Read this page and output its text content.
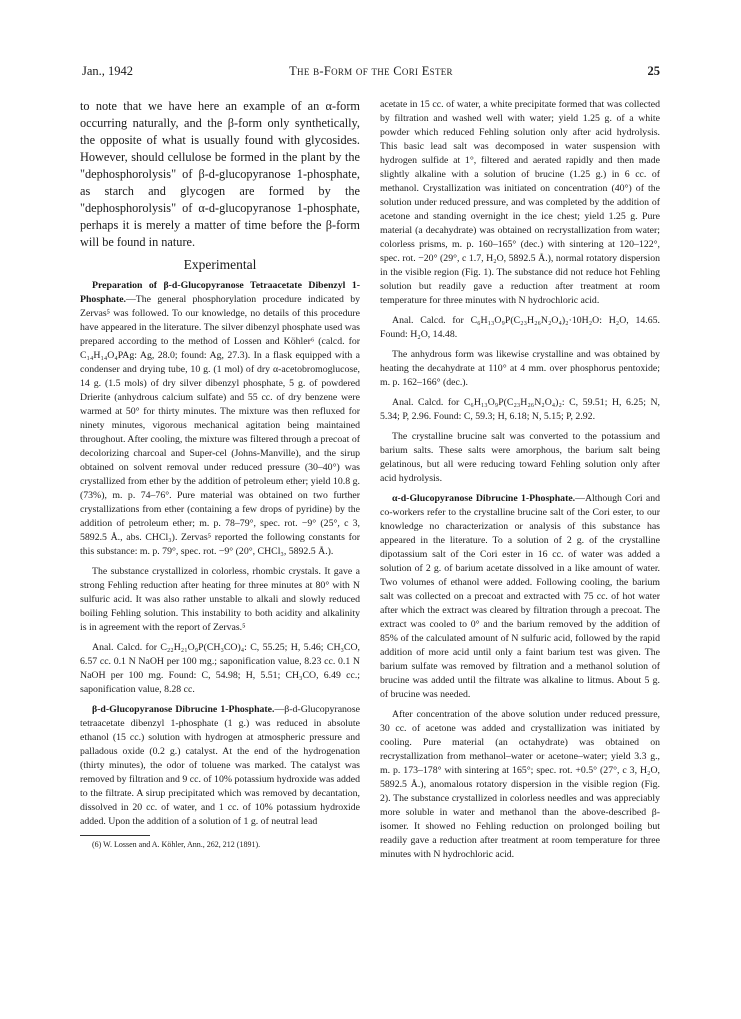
Jan., 1942	The β-Form of the Cori Ester	25

to note that we have here an example of an α-form occurring naturally, and the β-form only synthetically, the opposite of what is usually found with glycosides. However, should cellulose be formed in the plant by the "dephosphorolysis" of β-d-glucopyranose 1-phosphate, as starch and glycogen are formed by the "dephosphorolysis" of α-d-glucopyranose 1-phosphate, perhaps it is merely a matter of time before the β-form will be found in nature.

Experimental

Preparation of β-d-Glucopyranose Tetraacetate Dibenzyl 1-Phosphate.—The general phosphorylation procedure indicated by Zervas⁵ was followed. To our knowledge, no details of this procedure have appeared in the literature. The silver dibenzyl phosphate used was prepared according to the method of Lossen and Köhler⁶ (calcd. for C₁₄H₁₄O₄PAg: Ag, 28.0; found: Ag, 27.3). In a flask equipped with a condenser and drying tube, 10 g. (1 mol) of dry α-acetobromoglucose, 14 g. (1.5 mols) of dry silver dibenzyl phosphate, 5 g. of powdered Drierite (anhydrous calcium sulfate) and 55 cc. of dry benzene were warmed at 50° for thirty minutes. The mixture was then refluxed for ninety minutes, vigorous mechanical agitation being maintained throughout. After cooling, the mixture was filtered through a precoat of decolorizing charcoal and Super-cel (Johns-Manville), and the sirup obtained on solvent removal under reduced pressure (30–40°) was crystallized from ether by the addition of petroleum ether; yield 10.8 g. (73%), m. p. 74–76°. Pure material was obtained on two further crystallizations from ether (containing a few drops of pyridine) by the addition of petroleum ether; m. p. 78–79°, spec. rot. −9° (25°, c 3, 5892.5 Å., abs. CHCl₃). Zervas⁵ reported the following constants for this substance: m. p. 79°, spec. rot. −9° (20°, CHCl₃, 5892.5 Å.).

The substance crystallized in colorless, rhombic crystals. It gave a strong Fehling reduction after heating for three minutes at 80° with N sulfuric acid. It was also rather unstable to alkali and slowly reduced boiling Fehling solution. This instability to both acidity and alkalinity is in agreement with the report of Zervas.⁵

Anal. Calcd. for C₂₂H₂₁O₉P(CH₃CO)₄: C, 55.25; H, 5.46; CH₃CO, 6.57 cc. 0.1 N NaOH per 100 mg.; saponification value, 8.23 cc. 0.1 N NaOH per 100 mg. Found: C, 54.98; H, 5.51; CH₃CO, 6.49 cc.; saponification value, 8.28 cc.

β-d-Glucopyranose Dibrucine 1-Phosphate.—β-d-Glucopyranose tetraacetate dibenzyl 1-phosphate (1 g.) was reduced in absolute ethanol (15 cc.) solution with hydrogen at atmospheric pressure and palladous oxide (0.2 g.) catalyst. At the end of the hydrogenation (thirty minutes), the odor of toluene was marked. The catalyst was removed by filtration and 9 cc. of 10% potassium hydroxide was added to the filtrate. A sirup precipitated which was removed by decantation, dissolved in 20 cc. of water, and 1 cc. of 10% potassium hydroxide added. Upon the addition of a solution of 1 g. of neutral lead

(6) W. Lossen and A. Köhler, Ann., 262, 212 (1891).

acetate in 15 cc. of water, a white precipitate formed that was collected by filtration and washed well with water; yield 1.25 g. of a white powder which reduced Fehling solution only after acid hydrolysis. This basic lead salt was decomposed in water suspension with hydrogen sulfide at 1°, filtered and aerated rapidly and then made slightly alkaline with a solution of brucine (1.25 g.) in 6 cc. of methanol. Crystallization was initiated on concentration (40°) of the solution under reduced pressure, and was completed by the addition of acetone and standing overnight in the ice chest; yield 1.25 g. Pure material (a decahydrate) was obtained on recrystallization from water; colorless prisms, m. p. 160–165° (dec.) with sintering at 120–122°, spec. rot. −20° (29°, c 1.7, H₂O, 5892.5 Å.), normal rotatory dispersion in the visible region (Fig. 1). The substance did not reduce hot Fehling solution but readily gave a reduction after treatment at room temperature for three minutes with N hydrochloric acid.

Anal. Calcd. for C₆H₁₃O₉P(C₂₃H₂₆N₂O₄)₂·10H₂O: H₂O, 14.65. Found: H₂O, 14.48.

The anhydrous form was likewise crystalline and was obtained by heating the decahydrate at 110° at 4 mm. over phosphorus pentoxide; m. p. 162–166° (dec.).

Anal. Calcd. for C₆H₁₃O₉P(C₂₃H₂₆N₂O₄)₂: C, 59.51; H, 6.25; N, 5.34; P, 2.96. Found: C, 59.3; H, 6.18; N, 5.15; P, 2.92.

The crystalline brucine salt was converted to the potassium and barium salts. These salts were amorphous, the barium salt being gelatinous, but all were reducing toward Fehling solution only after acid hydrolysis.

α-d-Glucopyranose Dibrucine 1-Phosphate.—Although Cori and co-workers refer to the crystalline brucine salt of the Cori ester, to our knowledge no characterization or analysis of this substance has appeared in the literature. To a solution of 2 g. of the crystalline dipotassium salt of the Cori ester in 16 cc. of water was added a solution of 2 g. of barium acetate dissolved in a like amount of water. Two volumes of ethanol were added. Following cooling, the barium salt was collected on a precoat and extracted with 75 cc. of hot water after which the extract was cleared by filtration through a precoat. The extract was cooled to 0° and the barium removed by the addition of 85% of the calculated amount of N sulfuric acid, followed by the rapid addition of more acid until only a faint barium test was given. The barium sulfate was removed by filtration and a methanol solution of brucine was added until the filtrate was alkaline to litmus. About 5 g. of brucine was needed.

After concentration of the above solution under reduced pressure, 30 cc. of acetone was added and crystallization was initiated by cooling. Pure material (an octahydrate) was obtained on recrystallization from methanol–water or acetone–water; yield 3.3 g., m. p. 173–178° with sintering at 165°; spec. rot. +0.5° (27°, c 3, H₂O, 5892.5 Å.), anomalous rotatory dispersion in the visible region (Fig. 2). The substance crystallized in colorless needles and was appreciably more soluble in water and methanol than the above-described β-isomer. It showed no Fehling reduction on prolonged boiling but readily gave a reduction after treatment at room temperature for three minutes with N hydrochloric acid.
